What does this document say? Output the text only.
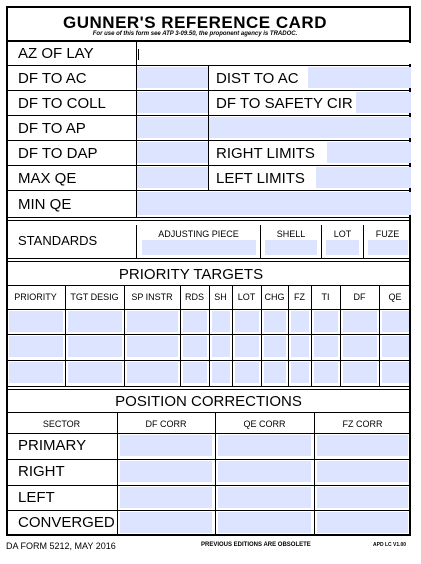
GUNNER'S REFERENCE CARD
For use of this form see ATP 3-09.50, the proponent agency is TRADOC.
AZ OF LAY
DF TO AC	DIST TO AC
DF TO COLL	DF TO SAFETY CIR
DF TO AP
DF TO DAP	RIGHT LIMITS
MAX QE	LEFT LIMITS
MIN QE
STANDARDS	ADJUSTING PIECE	SHELL	LOT	FUZE
PRIORITY TARGETS
PRIORITY	TGT DESIG	SP INSTR	RDS	SH	LOT	CHG	FZ	TI	DF	QE
POSITION CORRECTIONS
SECTOR	DF CORR	QE CORR	FZ CORR
PRIMARY
RIGHT
LEFT
CONVERGED
DA FORM 5212, MAY 2016	PREVIOUS EDITIONS ARE OBSOLETE	APD LC V1.00
